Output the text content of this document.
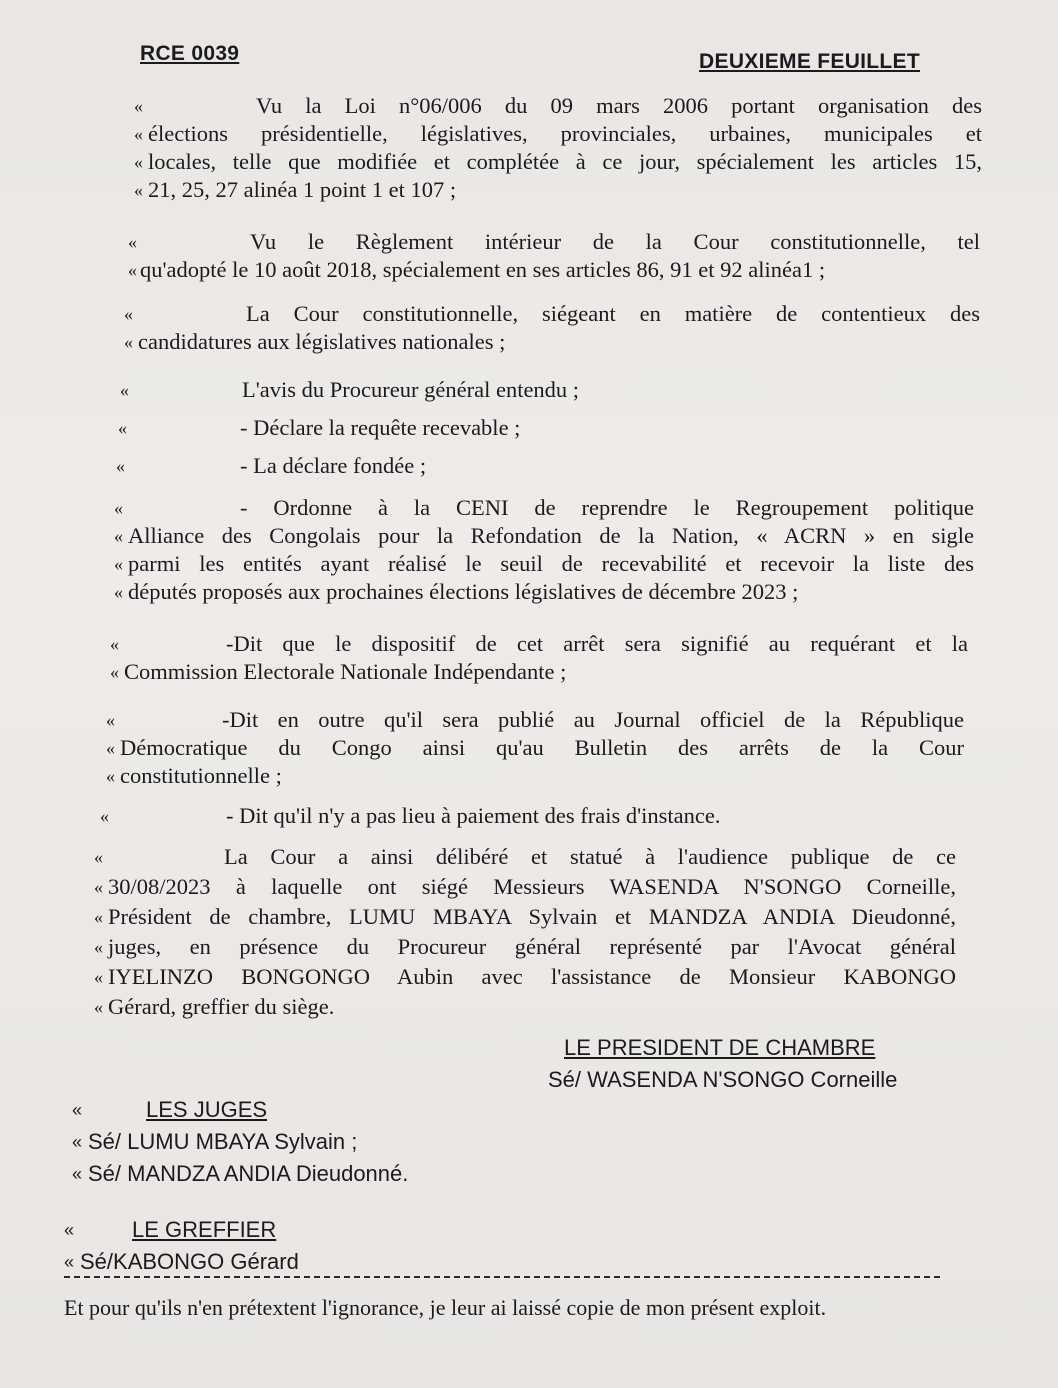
RCE 0039	DEUXIEME FEUILLET
«	Vu la Loi n°06/006 du 09 mars 2006 portant organisation des
« élections présidentielle, législatives, provinciales, urbaines, municipales et
« locales, telle que modifiée et complétée à ce jour, spécialement les articles 15,
« 21, 25, 27 alinéa 1 point 1 et 107 ;
«	Vu le Règlement intérieur de la Cour constitutionnelle, tel
« qu'adopté le 10 août 2018, spécialement en ses articles 86, 91 et 92 alinéa1 ;
«	La Cour constitutionnelle, siégeant en matière de contentieux des
« candidatures aux législatives nationales ;
«	L'avis du Procureur général entendu ;
«	- Déclare la requête recevable ;
«	- La déclare fondée ;
«	- Ordonne à la CENI de reprendre le Regroupement politique
« Alliance des Congolais pour la Refondation de la Nation, « ACRN » en sigle
« parmi les entités ayant réalisé le seuil de recevabilité et recevoir la liste des
« députés proposés aux prochaines élections législatives de décembre 2023 ;
«	-Dit que le dispositif de cet arrêt sera signifié au requérant et la
« Commission Electorale Nationale Indépendante ;
«	-Dit en outre qu'il sera publié au Journal officiel de la République
« Démocratique du Congo ainsi qu'au Bulletin des arrêts de la Cour
« constitutionnelle ;
«	- Dit qu'il n'y a pas lieu à paiement des frais d'instance.
«	La Cour a ainsi délibéré et statué à l'audience publique de ce
« 30/08/2023 à laquelle ont siégé Messieurs WASENDA N'SONGO Corneille,
« Président de chambre, LUMU MBAYA Sylvain et MANDZA ANDIA Dieudonné,
« juges, en présence du Procureur général représenté par l'Avocat général
« IYELINZO BONGONGO Aubin avec l'assistance de Monsieur KABONGO
« Gérard, greffier du siège.
LE PRESIDENT DE CHAMBRE
Sé/ WASENDA N'SONGO Corneille
«	LES JUGES
« Sé/ LUMU MBAYA Sylvain ;
« Sé/ MANDZA ANDIA Dieudonné.
«	LE GREFFIER
« Sé/KABONGO Gérard
Et pour qu'ils n'en prétextent l'ignorance, je leur ai laissé copie de mon présent exploit.
